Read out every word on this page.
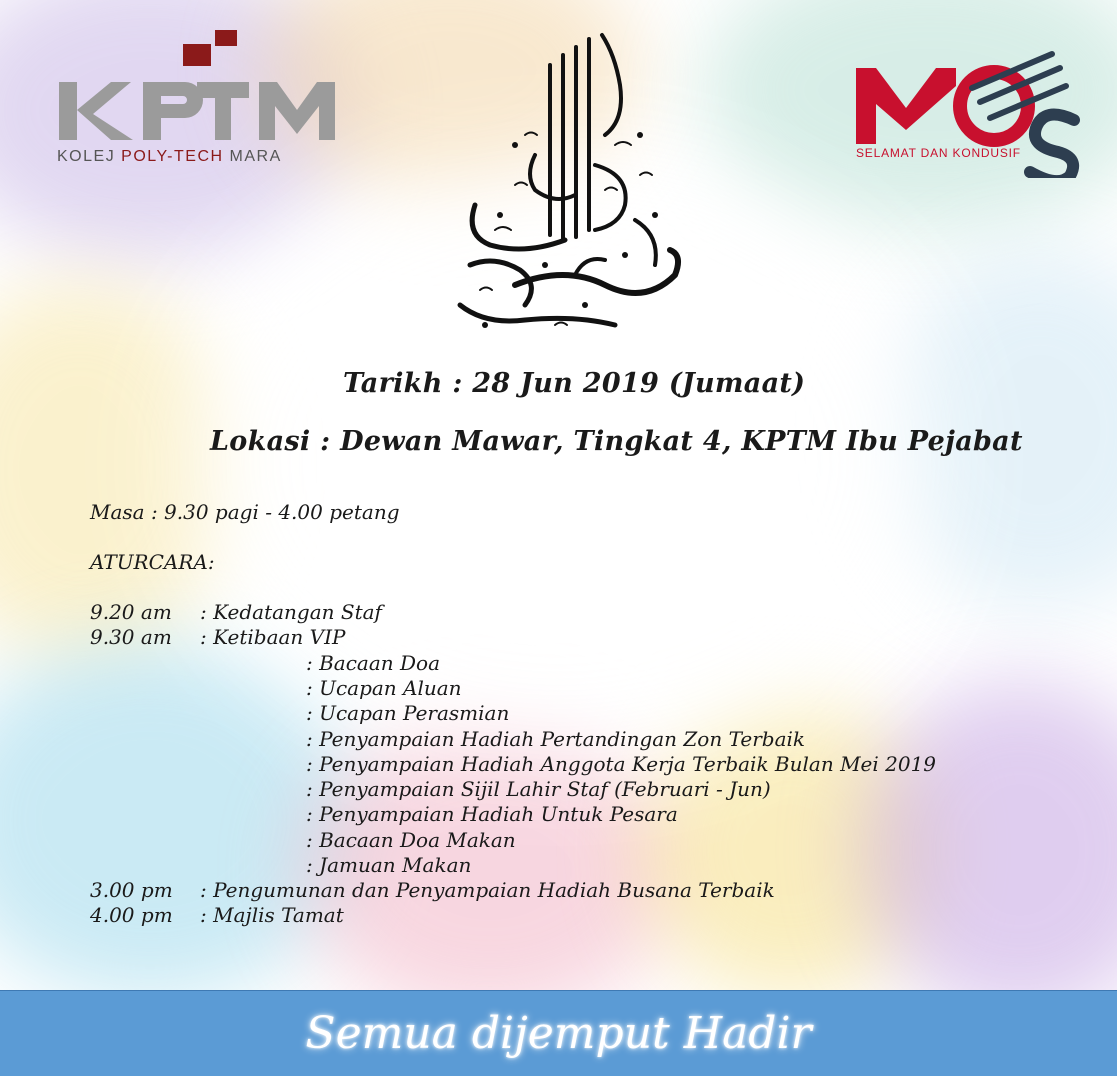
KOLEJ POLY-TECH MARA	SELAMAT DAN KONDUSIF
Tarikh : 28 Jun 2019 (Jumaat)
Lokasi : Dewan Mawar, Tingkat 4, KPTM Ibu Pejabat
Masa : 9.30 pagi - 4.00 petang
ATURCARA:
9.20 am : Kedatangan Staf
9.30 am : Ketibaan VIP
: Bacaan Doa
: Ucapan Aluan
: Ucapan Perasmian
: Penyampaian Hadiah Pertandingan Zon Terbaik
: Penyampaian Hadiah Anggota Kerja Terbaik Bulan Mei 2019
: Penyampaian Sijil Lahir Staf (Februari - Jun)
: Penyampaian Hadiah Untuk Pesara
: Bacaan Doa Makan
: Jamuan Makan
3.00 pm : Pengumunan dan Penyampaian Hadiah Busana Terbaik
4.00 pm : Majlis Tamat
Semua dijemput Hadir
